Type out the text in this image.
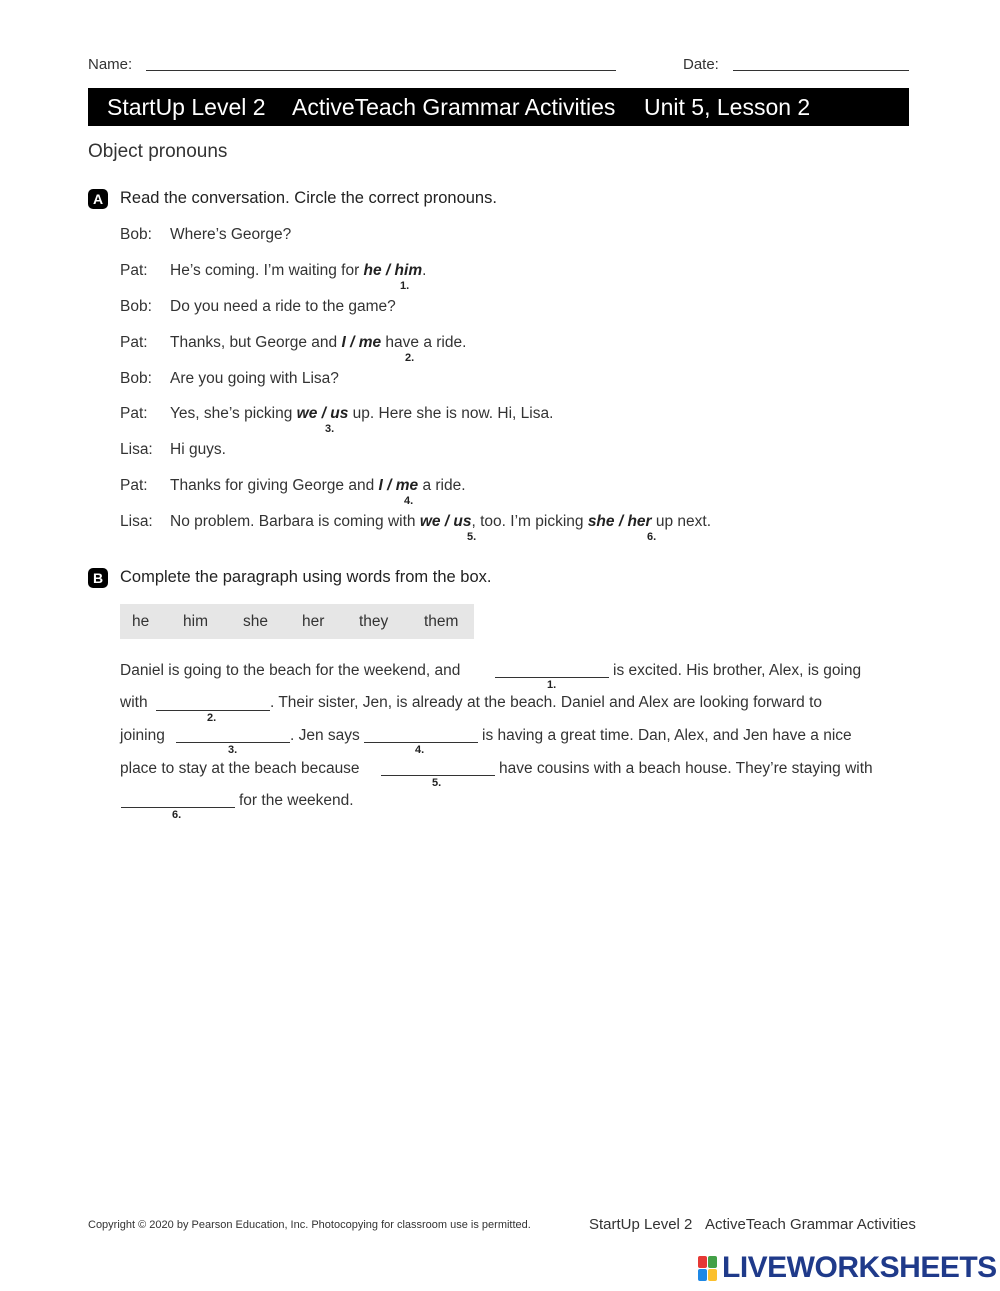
Name:	Date:
StartUp Level 2 ActiveTeach Grammar Activities Unit 5, Lesson 2
Object pronouns
A Read the conversation. Circle the correct pronouns.
Bob: Where’s George?
Pat: He’s coming. I’m waiting for he / him.
1.
Bob: Do you need a ride to the game?
Pat: Thanks, but George and I / me have a ride.
2.
Bob: Are you going with Lisa?
Pat: Yes, she’s picking we / us up. Here she is now. Hi, Lisa.
3.
Lisa: Hi guys.
Pat: Thanks for giving George and I / me a ride.
4.
Lisa: No problem. Barbara is coming with we / us, too. I’m picking she / her up next.
5.	6.
B Complete the paragraph using words from the box.
he him she her they them
Daniel is going to the beach for the weekend, and
1.
is excited. His brother, Alex, is going
with
2.
. Their sister, Jen, is already at the beach. Daniel and Alex are looking forward to
joining
3.
. Jen says
4.
is having a great time. Dan, Alex, and Jen have a nice
place to stay at the beach because
5.
have cousins with a beach house. They’re staying with
6.
for the weekend.
Copyright © 2020 by Pearson Education, Inc. Photocopying for classroom use is permitted.	StartUp Level 2 ActiveTeach Grammar Activities
LIVEWORKSHEETS
